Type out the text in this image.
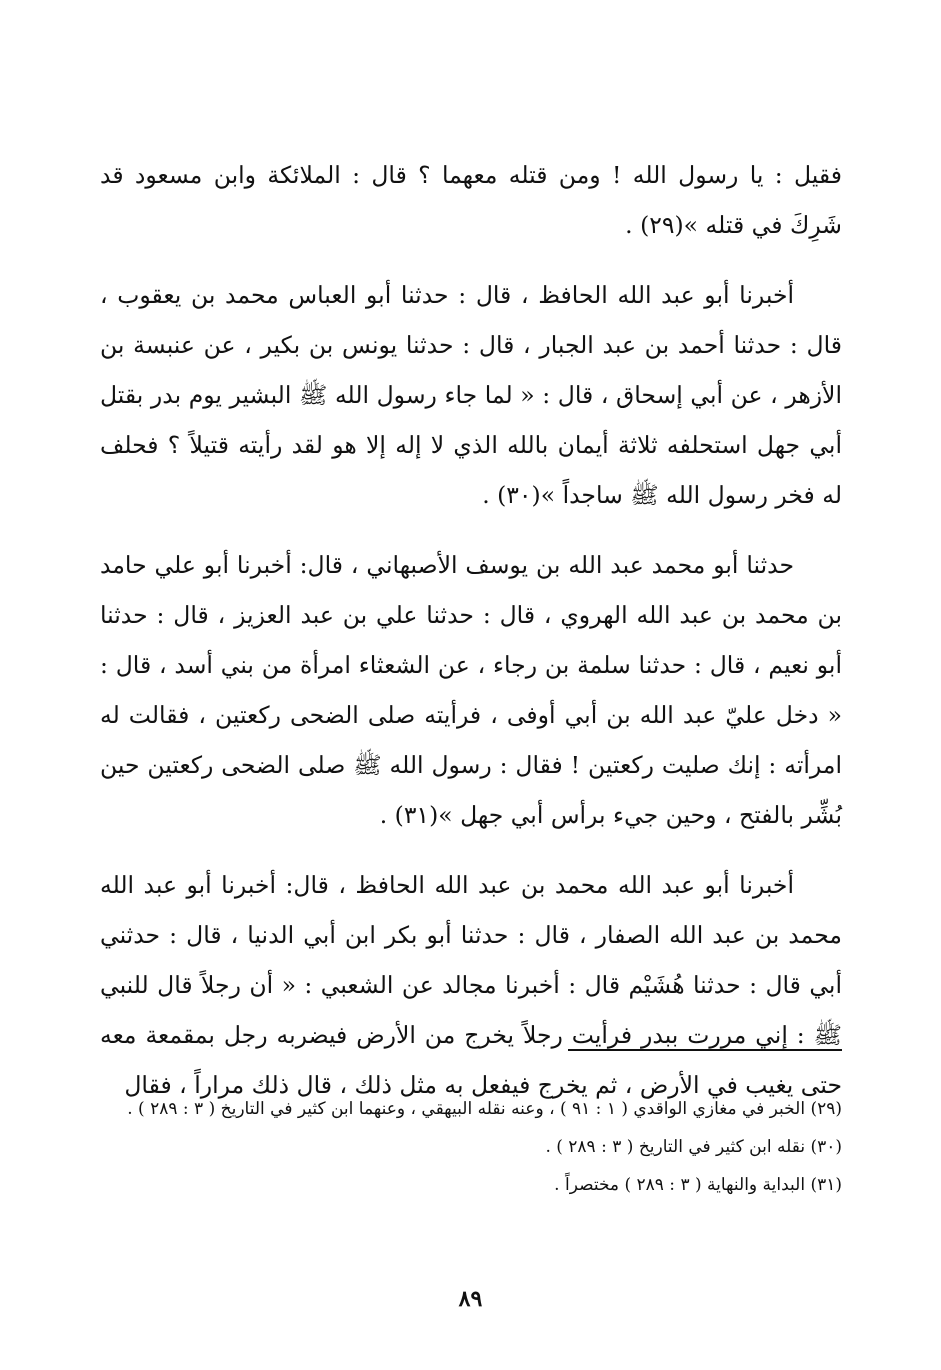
فقيل : يا رسول الله ! ومن قتله معهما ؟ قال : الملائكة وابن مسعود قد شَرِكَ في قتله »(٢٩) .

أخبرنا أبو عبد الله الحافظ ، قال : حدثنا أبو العباس محمد بن يعقوب ، قال : حدثنا أحمد بن عبد الجبار ، قال : حدثنا يونس بن بكير ، عن عنبسة بن الأزهر ، عن أبي إسحاق ، قال : « لما جاء رسول الله ﷺ البشير يوم بدر بقتل أبي جهل استحلفه ثلاثة أيمان بالله الذي لا إله إلا هو لقد رأيته قتيلاً ؟ فحلف له فخر رسول الله ﷺ ساجداً »(٣٠) .

حدثنا أبو محمد عبد الله بن يوسف الأصبهاني ، قال: أخبرنا أبو علي حامد بن محمد بن عبد الله الهروي ، قال : حدثنا علي بن عبد العزيز ، قال : حدثنا أبو نعيم ، قال : حدثنا سلمة بن رجاء ، عن الشعثاء امرأة من بني أسد ، قال : « دخل عليّ عبد الله بن أبي أوفى ، فرأيته صلى الضحى ركعتين ، فقالت له امرأته : إنك صليت ركعتين ! فقال : رسول الله ﷺ صلى الضحى ركعتين حين بُشِّر بالفتح ، وحين جيء برأس أبي جهل »(٣١) .

أخبرنا أبو عبد الله محمد بن عبد الله الحافظ ، قال: أخبرنا أبو عبد الله محمد بن عبد الله الصفار ، قال : حدثنا أبو بكر ابن أبي الدنيا ، قال : حدثني أبي قال : حدثنا هُشَيْم قال : أخبرنا مجالد عن الشعبي : « أن رجلاً قال للنبي ﷺ : إني مررت ببدر فرأيت رجلاً يخرج من الأرض فيضربه رجل بمقمعة معه حتى يغيب في الأرض ، ثم يخرج فيفعل به مثل ذلك ، قال ذلك مراراً ، فقال

(٢٩) الخبر في مغازي الواقدي ( ١ : ٩١ ) ، وعنه نقله البيهقي ، وعنهما ابن كثير في التاريخ ( ٣ : ٢٨٩ ) .

(٣٠) نقله ابن كثير في التاريخ ( ٣ : ٢٨٩ ) .

(٣١) البداية والنهاية ( ٣ : ٢٨٩ ) مختصراً .

٨٩
